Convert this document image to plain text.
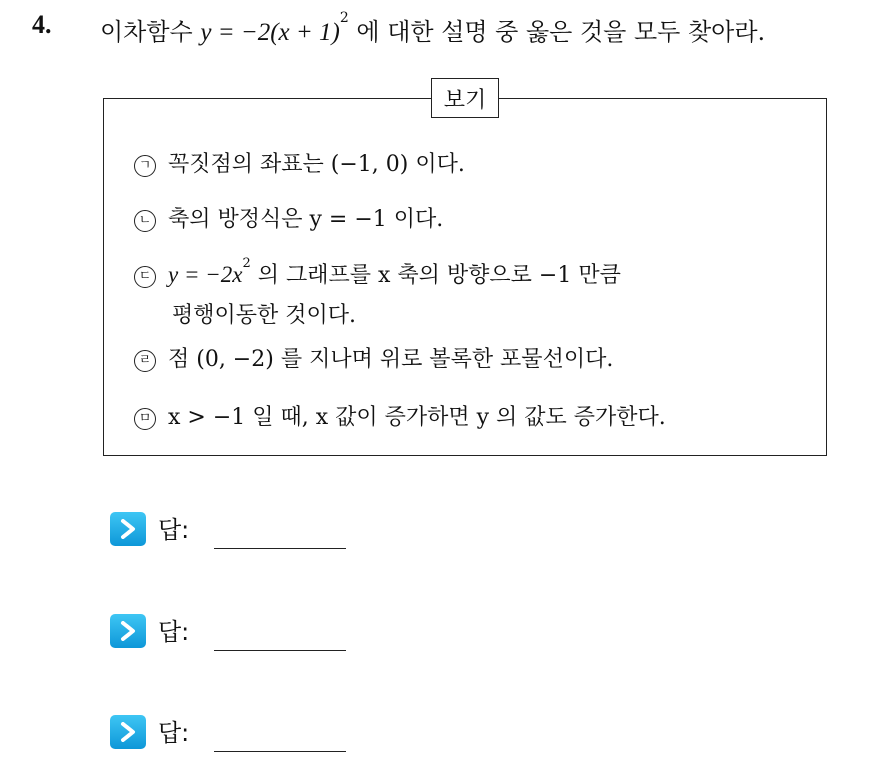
4. 이차함수 $y = -2(x + 1)^2$ 에 대한 설명 중 옳은 것을 모두 찾아라.
보기
ㄱ 꼭짓점의 좌표는 (−1, 0) 이다.
ㄴ 축의 방정식은 y = −1 이다.
ㄷ $y = -2x^2$ 의 그래프를 x 축의 방향으로 −1 만큼
평행이동한 것이다.
ㄹ 점 (0, −2) 를 지나며 위로 볼록한 포물선이다.
ㅁ x > −1 일 때, x 값이 증가하면 y 의 값도 증가한다.
답:
답:
답:
